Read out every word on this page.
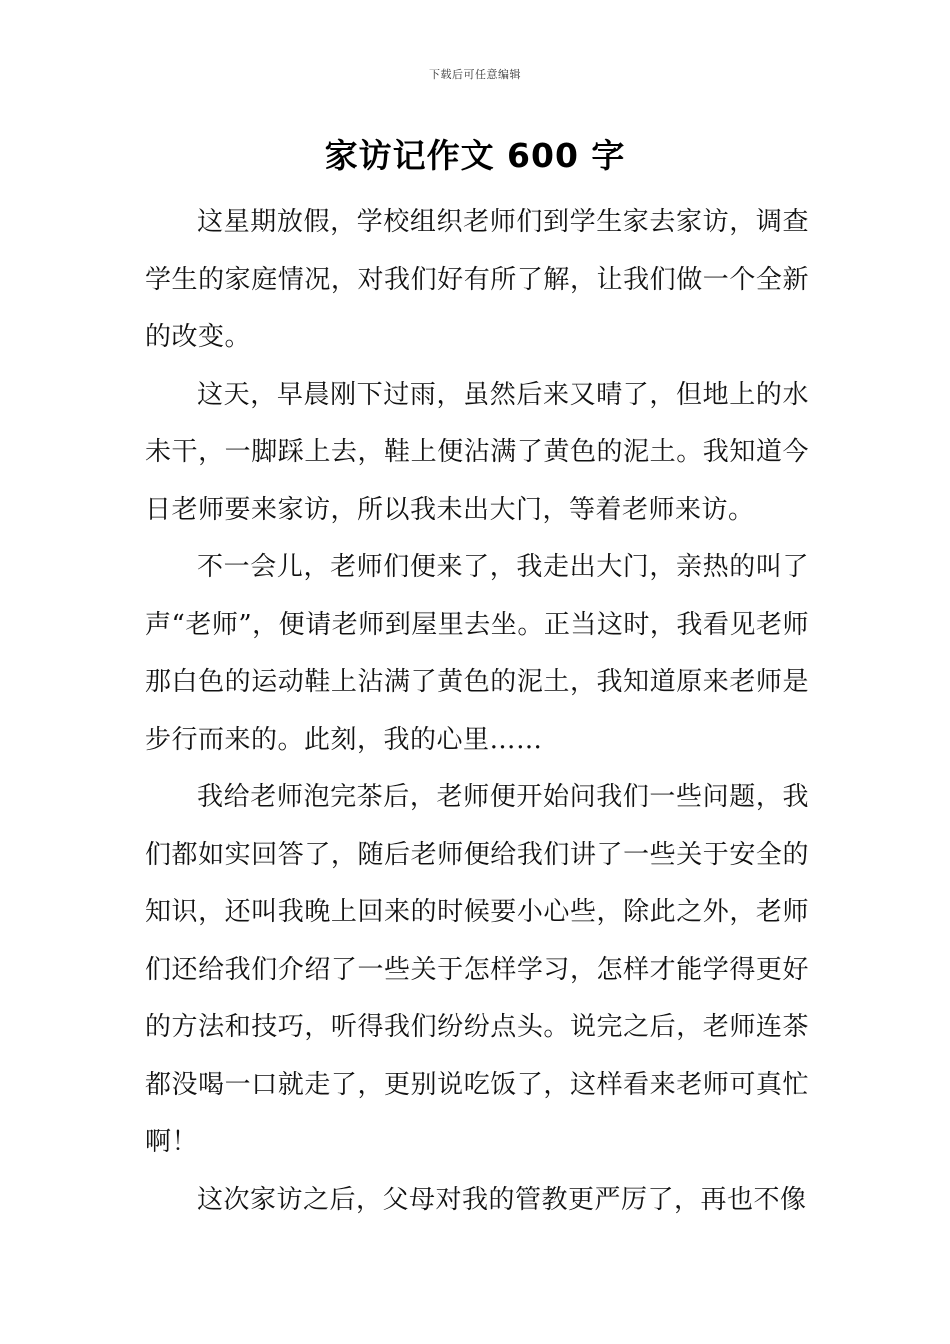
下载后可任意编辑
家访记作文 600 字

这星期放假，学校组织老师们到学生家去家访，调查学生的家庭情况，对我们好有所了解，让我们做一个全新的改变。

这天，早晨刚下过雨，虽然后来又晴了，但地上的水未干，一脚踩上去，鞋上便沾满了黄色的泥土。我知道今日老师要来家访，所以我未出大门，等着老师来访。

不一会儿，老师们便来了，我走出大门，亲热的叫了声“老师”，便请老师到屋里去坐。正当这时，我看见老师那白色的运动鞋上沾满了黄色的泥土，我知道原来老师是步行而来的。此刻，我的心里……

我给老师泡完茶后，老师便开始问我们一些问题，我们都如实回答了，随后老师便给我们讲了一些关于安全的知识，还叫我晚上回来的时候要小心些，除此之外，老师们还给我们介绍了一些关于怎样学习，怎样才能学得更好的方法和技巧，听得我们纷纷点头。说完之后，老师连茶都没喝一口就走了，更别说吃饭了，这样看来老师可真忙啊！

这次家访之后，父母对我的管教更严厉了，再也不像
